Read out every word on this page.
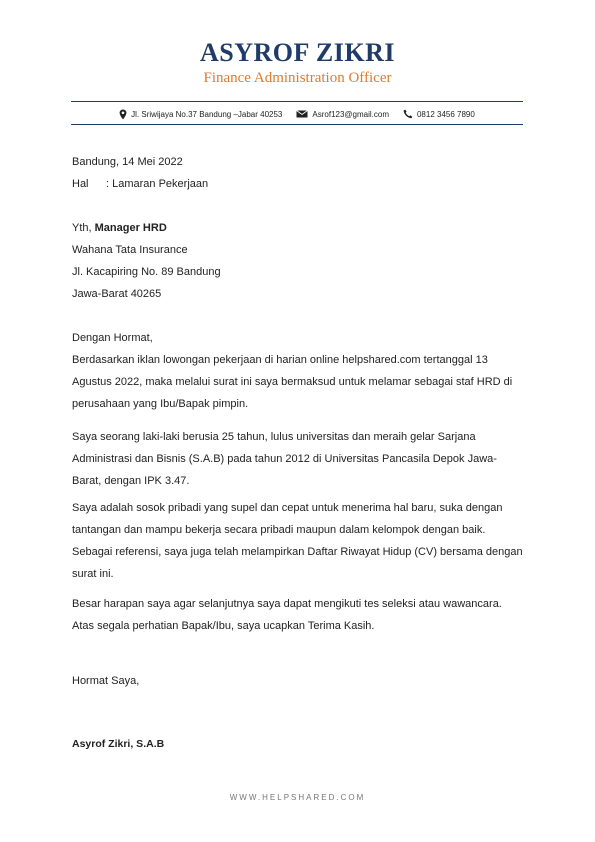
ASYROF ZIKRI
Finance Administration Officer
Jl. Sriwijaya No.37 Bandung –Jabar 40253	Asrof123@gmail.com	0812 3456 7890
Bandung, 14 Mei 2022
Hal : Lamaran Pekerjaan
Yth, Manager HRD
Wahana Tata Insurance
Jl. Kacapiring No. 89 Bandung
Jawa-Barat 40265
Dengan Hormat,

Berdasarkan iklan lowongan pekerjaan di harian online helpshared.com tertanggal 13 Agustus 2022, maka melalui surat ini saya bermaksud untuk melamar sebagai staf HRD di perusahaan yang Ibu/Bapak pimpin.

Saya seorang laki-laki berusia 25 tahun, lulus universitas dan meraih gelar Sarjana Administrasi dan Bisnis (S.A.B) pada tahun 2012 di Universitas Pancasila Depok Jawa-Barat, dengan IPK 3.47.

Saya adalah sosok pribadi yang supel dan cepat untuk menerima hal baru, suka dengan tantangan dan mampu bekerja secara pribadi maupun dalam kelompok dengan baik. Sebagai referensi, saya juga telah melampirkan Daftar Riwayat Hidup (CV) bersama dengan surat ini.

Besar harapan saya agar selanjutnya saya dapat mengikuti tes seleksi atau wawancara. Atas segala perhatian Bapak/Ibu, saya ucapkan Terima Kasih.

Hormat Saya,
Asyrof Zikri, S.A.B
WWW.HELPSHARED.COM
